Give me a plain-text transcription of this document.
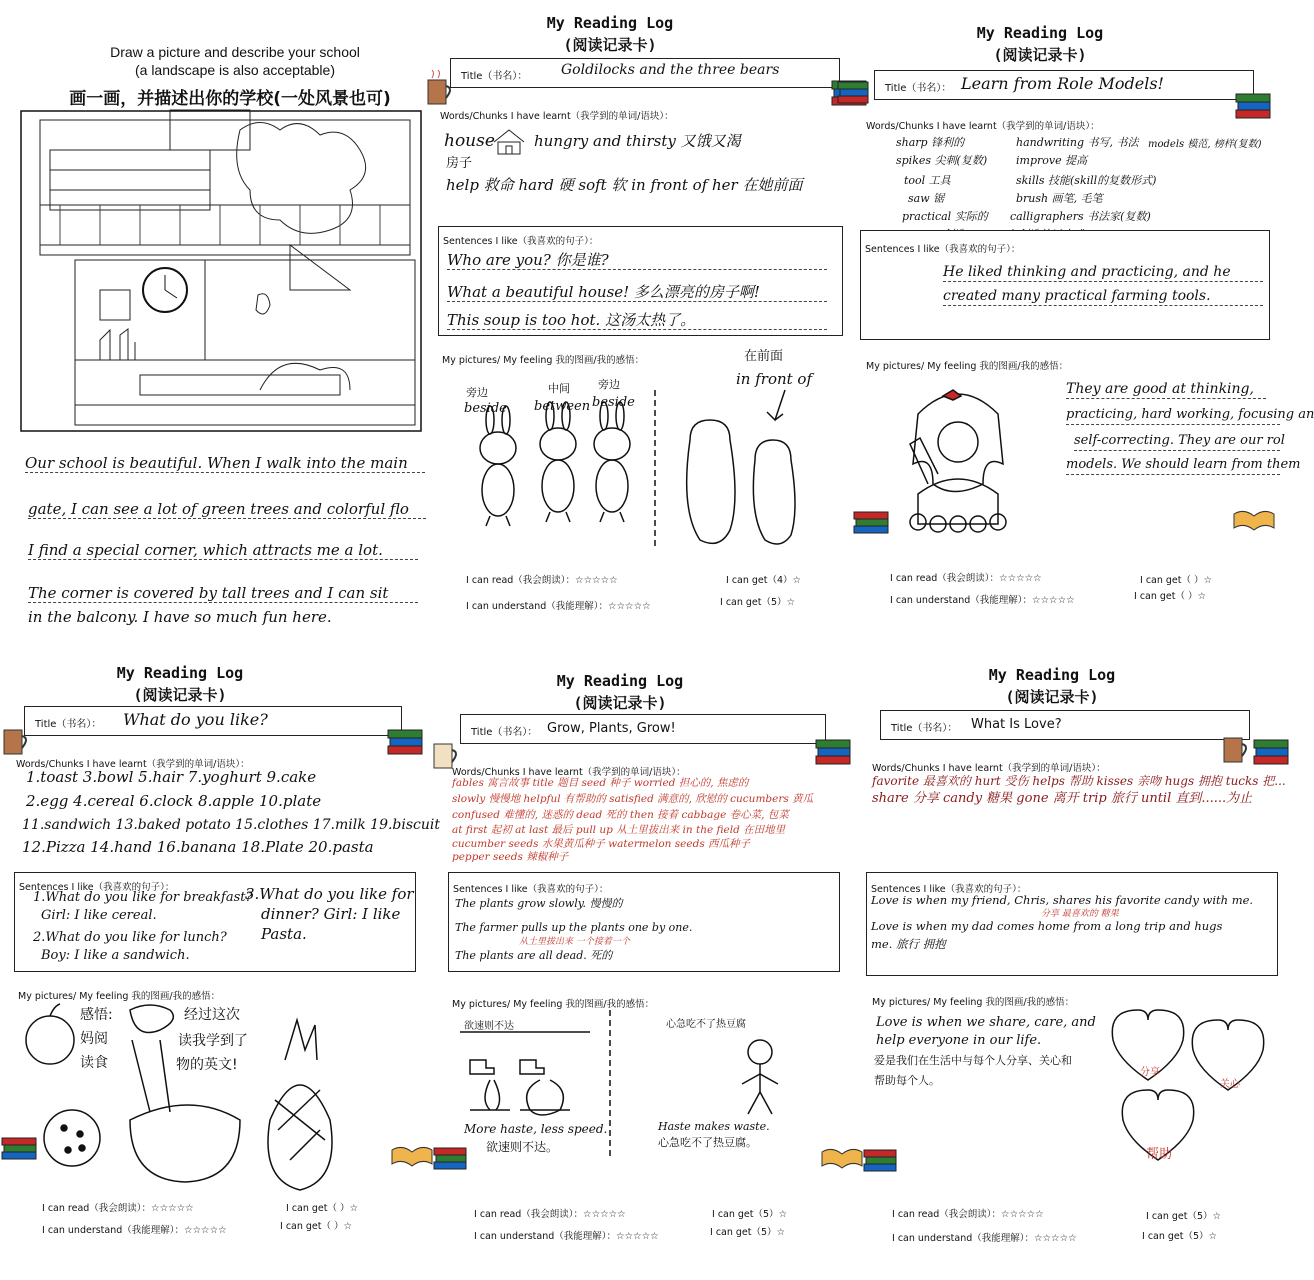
Draw a picture and describe your school
(a landscape is also acceptable)
画一画，并描述出你的学校(一处风景也可)
Our school is beautiful. When I walk into the main
gate, I can see a lot of green trees and colorful flo
I find a special corner, which attracts me a lot.
The corner is covered by tall trees and I can sit
in the balcony. I have so much fun here.
My Reading Log
(阅读记录卡)
Title（书名）： Goldilocks and the three bears
Words/Chunks I have learnt（我学到的单词/语块）：
house	hungry and thirsty 又饿又渴
房子
help 救命 hard 硬 soft 软 in front of her 在她前面
Sentences I like（我喜欢的句子）：
Who are you? 你是谁?
What a beautiful house! 多么漂亮的房子啊!
This soup is too hot. 这汤太热了。
My pictures/ My feeling 我的图画/我的感悟：
旁边
beside
中间
between
旁边
beside
在前面
in front of
I can read（我会朗读）：☆☆☆☆☆
I can understand（我能理解）：☆☆☆☆☆
I can get（4）☆
I can get（5）☆
My Reading Log
(阅读记录卡)
Title（书名）： Learn from Role Models!
Words/Chunks I have learnt（我学到的单词/语块）：
sharp 锋利的
spikes 尖刺(复数)
tool 工具
saw 锯
practical 实际的
handwriting 书写, 书法
improve 提高
skills 技能(skill的复数形式)
brush 画笔, 毛笔
calligraphers 书法家(复数)
models 模范, 榜样(复数)
Sentences I like（我喜欢的句子）：
He liked thinking and practicing, and he
created many practical farming tools.
My pictures/ My feeling 我的图画/我的感悟：
They are good at thinking,
practicing, hard working, focusing an
self-correcting. They are our rol
models. We should learn from them
I can read（我会朗读）：☆☆☆☆☆
I can understand（我能理解）：☆☆☆☆☆
I can get（ ）☆
I can get（ ）☆
My Reading Log
(阅读记录卡)
Title（书名）： What do you like?
Words/Chunks I have learnt（我学到的单词/语块）：
1.toast 3.bowl 5.hair 7.yoghurt 9.cake
2.egg 4.cereal 6.clock 8.apple 10.plate
11.sandwich 13.baked potato 15.clothes 17.milk 19.biscuit
12.Pizza 14.hand 16.banana 18.Plate 20.pasta
Sentences I like（我喜欢的句子）：
1.What do you like for breakfast?
Girl: I like cereal.
2.What do you like for lunch?
Boy: I like a sandwich.
3.What do you like for
dinner? Girl: I like
Pasta.
My pictures/ My feeling 我的图画/我的感悟：
感悟:
妈阅
读食
经过这次
读我学到了
物的英文!
I can read（我会朗读）：☆☆☆☆☆
I can understand（我能理解）：☆☆☆☆☆
I can get（ ）☆
I can get（ ）☆
My Reading Log
(阅读记录卡)
Title（书名）： Grow, Plants, Grow!
Words/Chunks I have learnt（我学到的单词/语块）：
fables 寓言故事 title 题目 seed 种子 worried 担心的, 焦虑的
slowly 慢慢地 helpful 有帮助的 satisfied 满意的, 欣慰的 cucumbers 黄瓜
confused 难懂的, 迷惑的 dead 死的 then 接着 cabbage 卷心菜, 包菜
at first 起初 at last 最后 pull up 从土里拔出来 in the field 在田地里
cucumber seeds 水果黄瓜种子 watermelon seeds 西瓜种子
pepper seeds 辣椒种子
Sentences I like（我喜欢的句子）：
The plants grow slowly. 慢慢的
The farmer pulls up the plants one by one.
从土里拔出来 一个接着一个
The plants are all dead. 死的
My pictures/ My feeling 我的图画/我的感悟：
欲速则不达	心急吃不了热豆腐
More haste, less speed.
欲速则不达。
Haste makes waste.
心急吃不了热豆腐。
I can read（我会朗读）：☆☆☆☆☆
I can understand（我能理解）：☆☆☆☆☆
I can get（5）☆
I can get（5）☆
My Reading Log
(阅读记录卡)
Title（书名）： What Is Love?
Words/Chunks I have learnt（我学到的单词/语块）：
favorite 最喜欢的 hurt 受伤 helps 帮助 kisses 亲吻 hugs 拥抱 tucks 把...
share 分享 candy 糖果 gone 离开 trip 旅行 until 直到......为止
Sentences I like（我喜欢的句子）：
Love is when my friend, Chris, shares his favorite candy with me.
分享 最喜欢的 糖果
Love is when my dad comes home from a long trip and hugs
me. 旅行 拥抱
My pictures/ My feeling 我的图画/我的感悟：
Love is when we share, care, and
help everyone in our life.
爱是我们在生活中与每个人分享、关心和
帮助每个人。
分享
关心
帮助
I can read（我会朗读）：☆☆☆☆☆
I can understand（我能理解）：☆☆☆☆☆
I can get（5）☆
I can get（5）☆
